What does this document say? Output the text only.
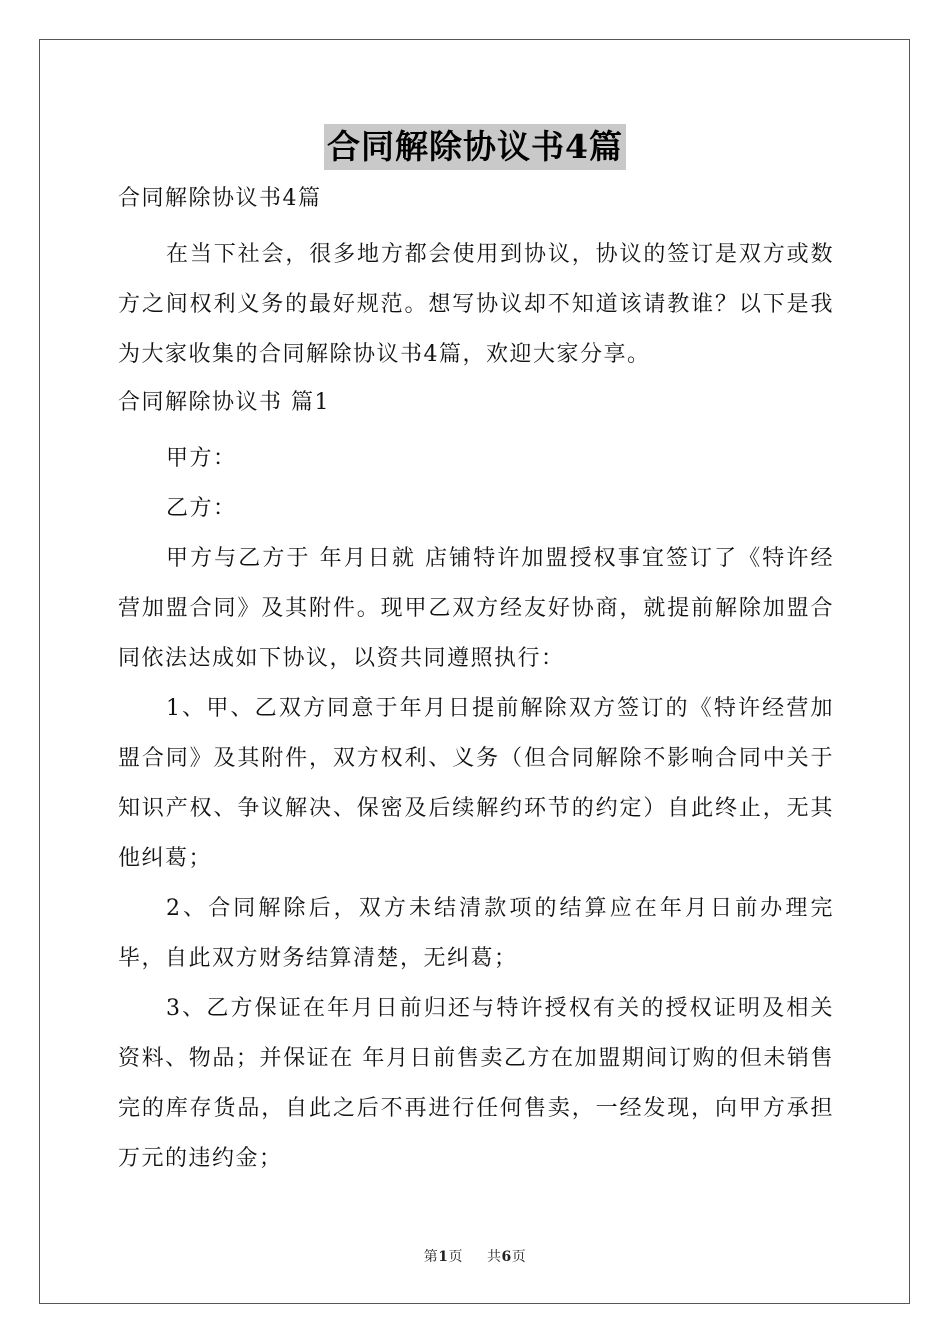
合同解除协议书4篇

合同解除协议书4篇

在当下社会，很多地方都会使用到协议，协议的签订是双方或数方之间权利义务的最好规范。想写协议却不知道该请教谁？以下是我为大家收集的合同解除协议书4篇，欢迎大家分享。

合同解除协议书 篇1

甲方：

乙方：

甲方与乙方于 年月日就 店铺特许加盟授权事宜签订了《特许经营加盟合同》及其附件。现甲乙双方经友好协商，就提前解除加盟合同依法达成如下协议，以资共同遵照执行：

1、甲、乙双方同意于年月日提前解除双方签订的《特许经营加盟合同》及其附件，双方权利、义务（但合同解除不影响合同中关于知识产权、争议解决、保密及后续解约环节的约定）自此终止，无其他纠葛；

2、合同解除后，双方未结清款项的结算应在年月日前办理完毕，自此双方财务结算清楚，无纠葛；

3、乙方保证在年月日前归还与特许授权有关的授权证明及相关资料、物品；并保证在 年月日前售卖乙方在加盟期间订购的但未销售完的库存货品，自此之后不再进行任何售卖，一经发现，向甲方承担 万元的违约金；

第1页 共6页
